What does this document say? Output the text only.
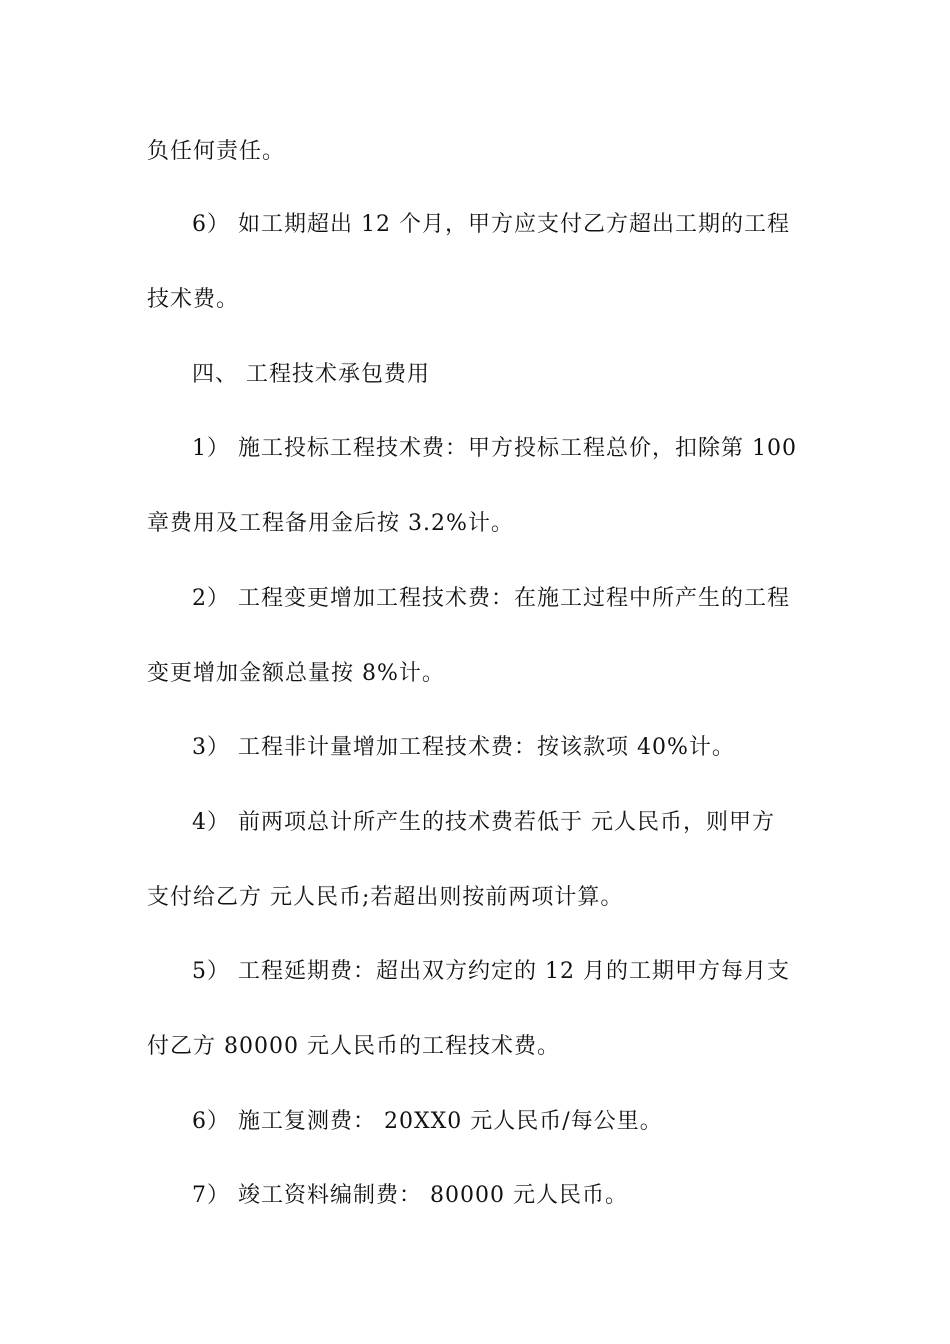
负任何责任。
6） 如工期超出 12 个月，甲方应支付乙方超出工期的工程
技术费。
四、 工程技术承包费用
1） 施工投标工程技术费：甲方投标工程总价，扣除第 100
章费用及工程备用金后按 3.2%计。
2） 工程变更增加工程技术费：在施工过程中所产生的工程
变更增加金额总量按 8%计。
3） 工程非计量增加工程技术费：按该款项 40%计。
4） 前两项总计所产生的技术费若低于 元人民币，则甲方
支付给乙方 元人民币;若超出则按前两项计算。
5） 工程延期费：超出双方约定的 12 月的工期甲方每月支
付乙方 80000 元人民币的工程技术费。
6） 施工复测费： 20XX0 元人民币/每公里。
7） 竣工资料编制费： 80000 元人民币。
